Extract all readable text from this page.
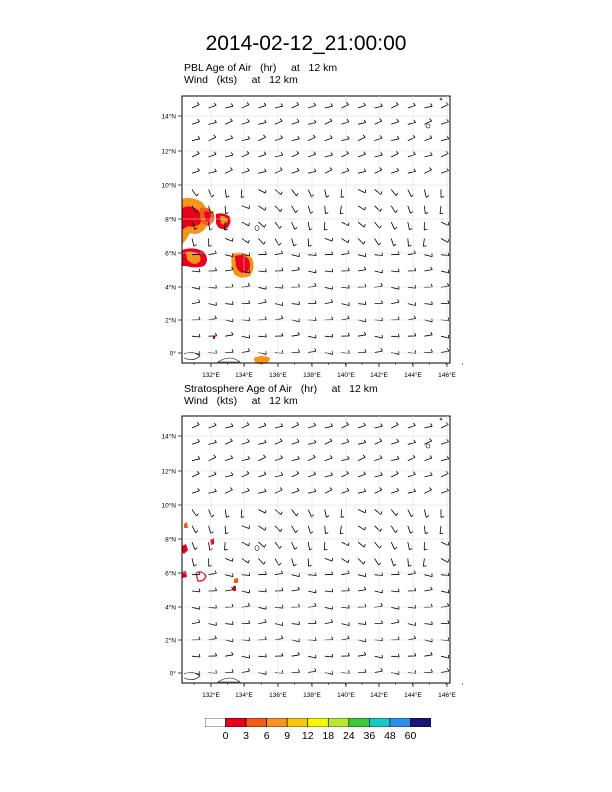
2014-02-12_21:00:00
PBL Age of Air   (hr)     at   12 km
Wind   (kts)     at   12 km
14°N
12°N
10°N
8°N
6°N
4°N
2°N
0°
132°E 134°E 136°E 138°E 140°E 142°E 144°E 146°E
Stratosphere Age of Air   (hr)     at   12 km
Wind   (kts)     at   12 km
14°N
12°N
10°N
8°N
6°N
4°N
2°N
0°
132°E 134°E 136°E 138°E 140°E 142°E 144°E 146°E
0	3	6	9	12 18 24 36 48 60
